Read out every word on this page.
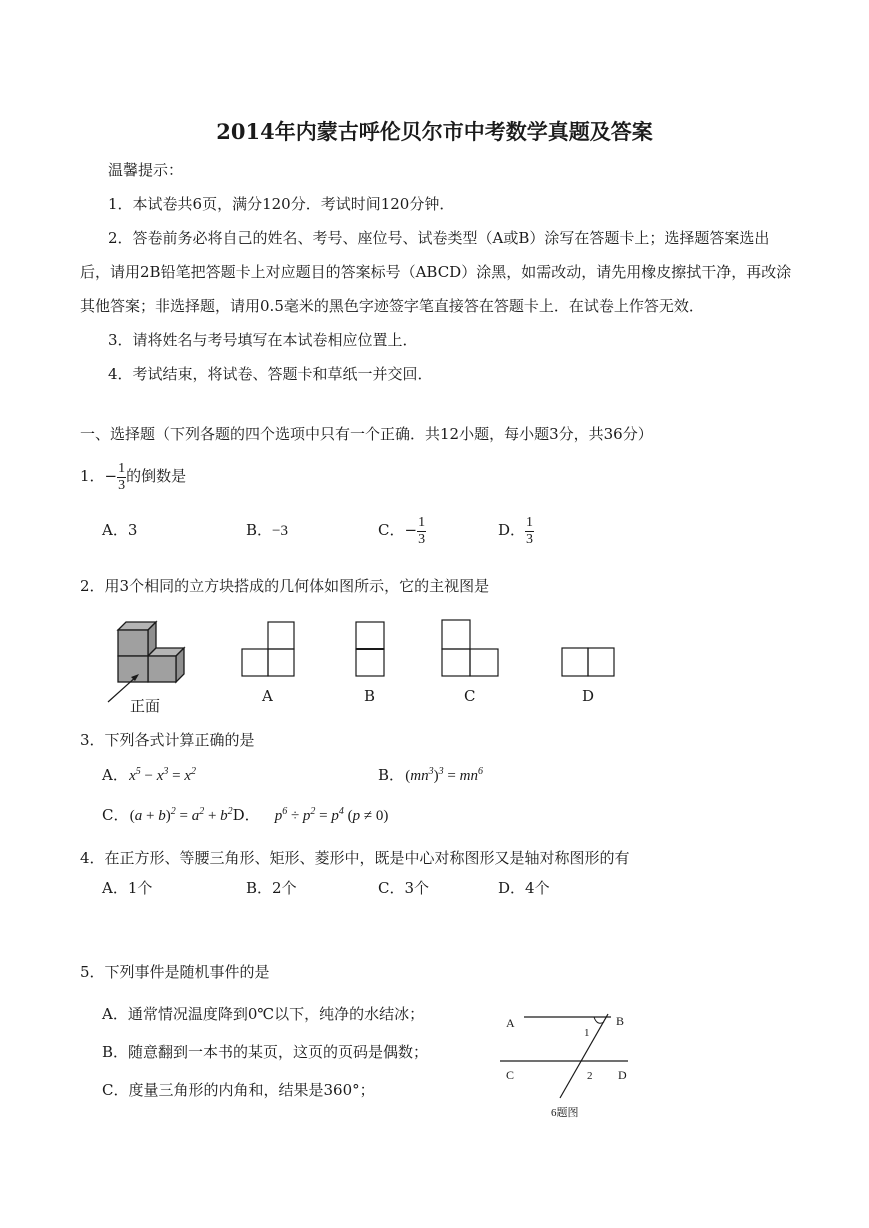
2014年内蒙古呼伦贝尔市中考数学真题及答案
温馨提示：
1．本试卷共6页，满分120分．考试时间120分钟．
2．答卷前务必将自己的姓名、考号、座位号、试卷类型（A或B）涂写在答题卡上；选择题答案选出
后，请用2B铅笔把答题卡上对应题目的答案标号（ABCD）涂黑，如需改动，请先用橡皮擦拭干净，再改涂
其他答案；非选择题，请用0.5毫米的黑色字迹签字笔直接答在答题卡上．在试卷上作答无效．
3．请将姓名与考号填写在本试卷相应位置上．
4．考试结束，将试卷、答题卡和草纸一并交回．
一、选择题（下列各题的四个选项中只有一个正确．共12小题，每小题3分，共36分）
1．− $\frac{1}{3}$ 的倒数是
A．3	B．−3	C．− $\frac{1}{3}$	D． $\frac{1}{3}$
2．用3个相同的立方块搭成的几何体如图所示，它的主视图是
正面
A	B	C	D
3．下列各式计算正确的是
A． $x^5 - x^3 = x^2$	B． $(mn^3)^3 = mn^6$
C． $(a + b)^2 = a^2 + b^2D$． $p^6 \div p^2 = p^4$ (p ≠ 0)
4．在正方形、等腰三角形、矩形、菱形中，既是中心对称图形又是轴对称图形的有
A．1个	B．2个	C．3个	D．4个
5．下列事件是随机事件的是
A．通常情况温度降到0℃以下，纯净的水结冰；
B．随意翻到一本书的某页，这页的页码是偶数；
C．度量三角形的内角和，结果是360°；
A	B
C	D
1
2
6题图
